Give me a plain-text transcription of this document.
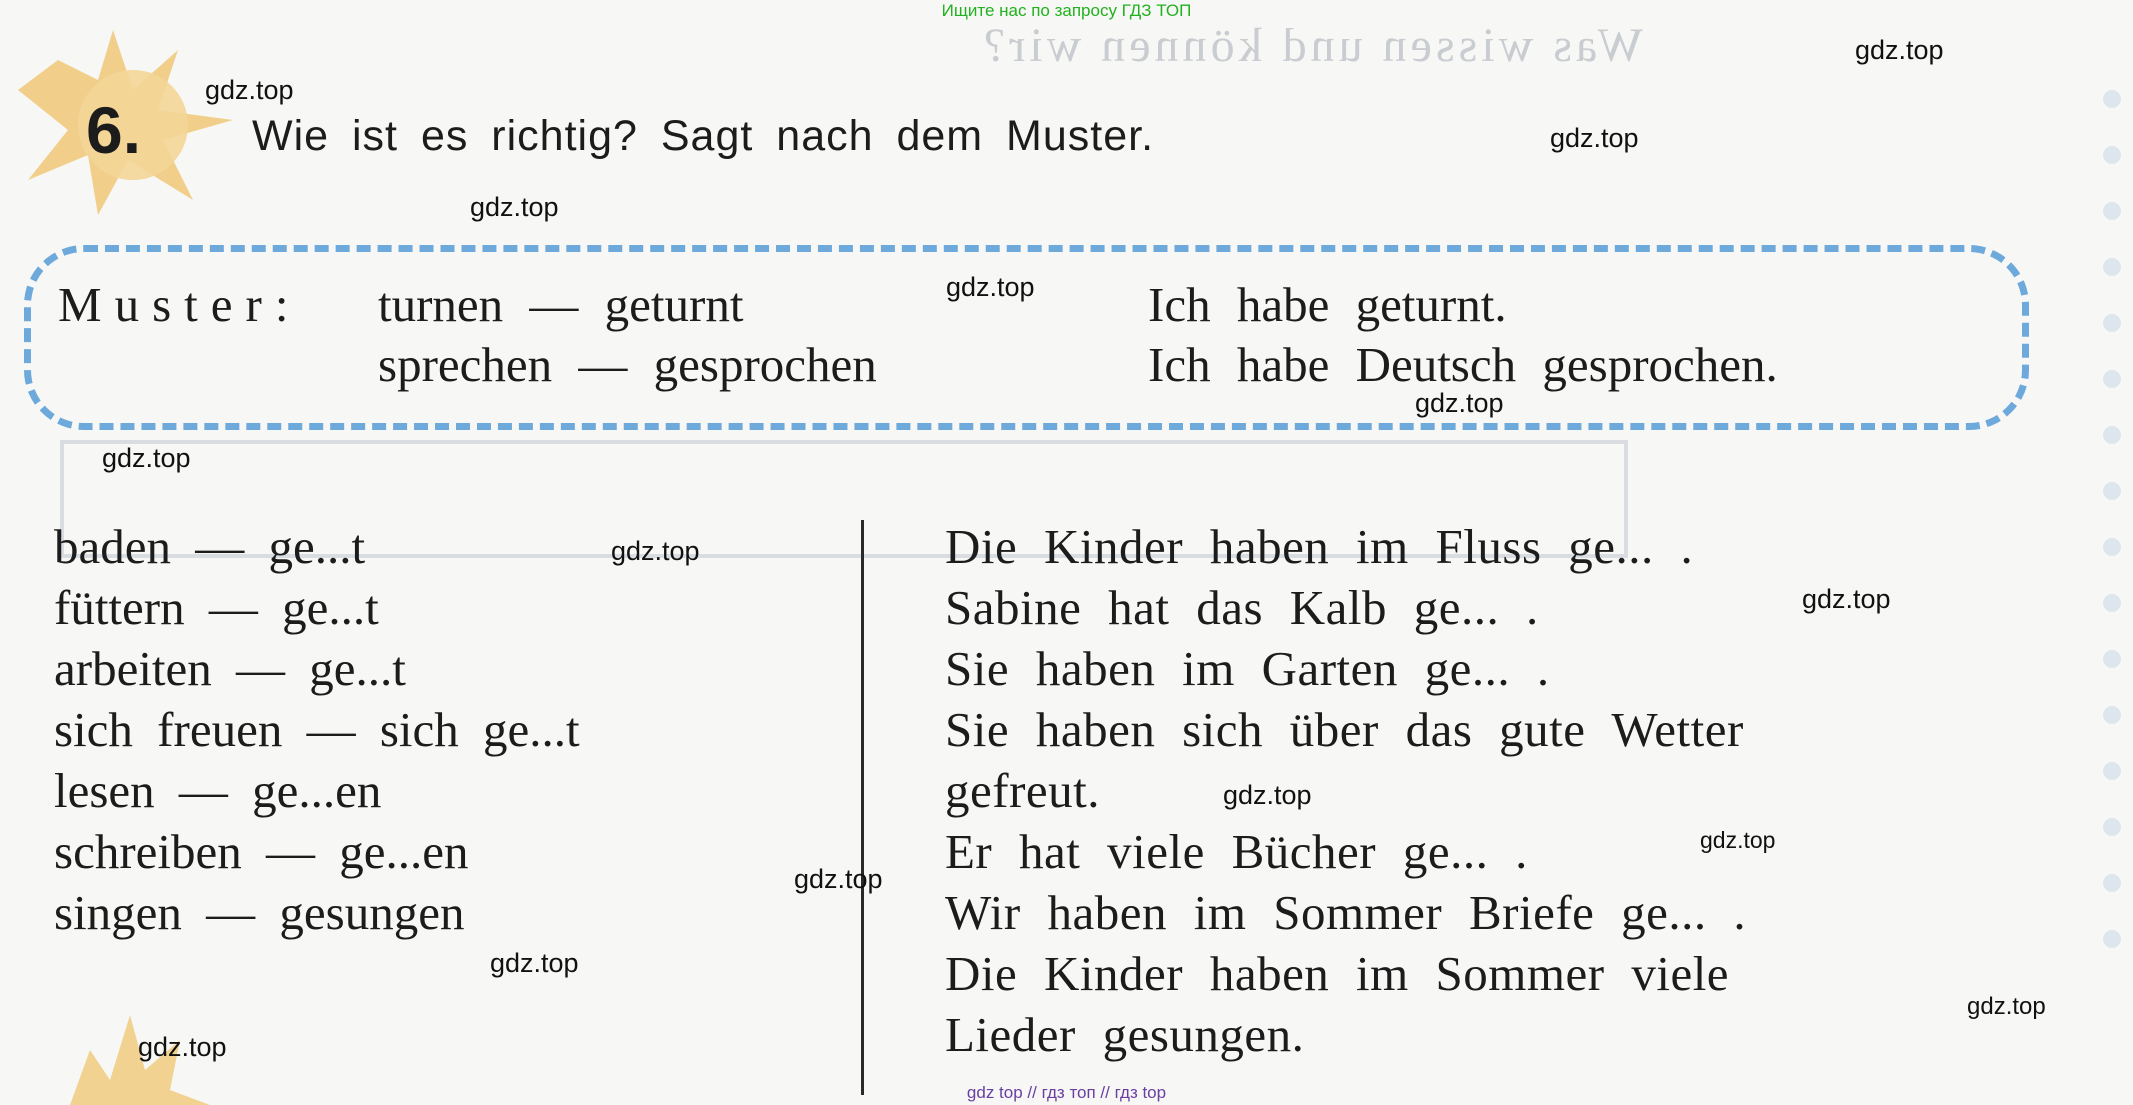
Was wissen und können wir?
Ищите нас по запросу ГДЗ ТОП
6.	Wie ist es richtig? Sagt nach dem Muster.
Muster: turnen — geturnt	Ich habe geturnt.
sprechen — gesprochen	Ich habe Deutsch gesprochen.
baden — ge...t
füttern — ge...t
arbeiten — ge...t
sich freuen — sich ge...t
lesen — ge...en
schreiben — ge...en
singen — gesungen
Die Kinder haben im Fluss ge... .
Sabine hat das Kalb ge... .
Sie haben im Garten ge... .
Sie haben sich über das gute Wetter
gefreut.
Er hat viele Bücher ge... .
Wir haben im Sommer Briefe ge... .
Die Kinder haben im Sommer viele
Lieder gesungen.
gdz.top
gdz.top
gdz.top
gdz.top
gdz.top
gdz.top
gdz.top
gdz.top
gdz.top
gdz.top
gdz.top
gdz.top
gdz.top
gdz.top
gdz.top
gdz top // гдз топ // гдз top
